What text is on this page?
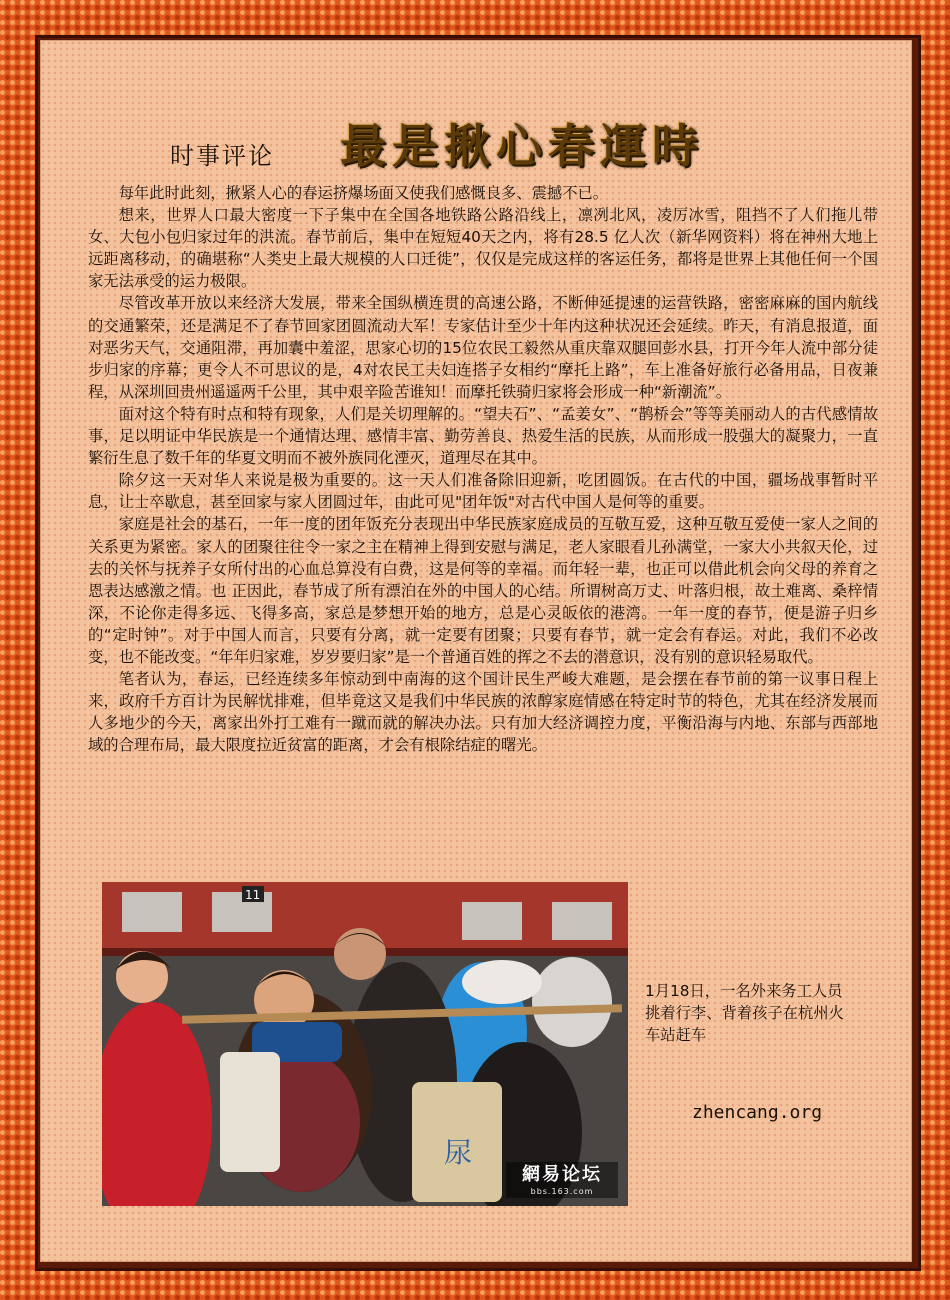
时事评论 最是揪心春運時

每年此时此刻，揪紧人心的春运挤爆场面又使我们感慨良多、震撼不已。

想来，世界人口最大密度一下子集中在全国各地铁路公路沿线上，凛冽北风，凌厉冰雪，阻挡不了人们拖儿带女、大包小包归家过年的洪流。春节前后，集中在短短40天之内，将有28.5 亿人次（新华网资料）将在神州大地上远距离移动，的确堪称“人类史上最大规模的人口迁徙”，仅仅是完成这样的客运任务，都将是世界上其他任何一个国家无法承受的运力极限。

尽管改革开放以来经济大发展，带来全国纵横连贯的高速公路，不断伸延提速的运营铁路，密密麻麻的国内航线的交通繁荣，还是满足不了春节回家团圆流动大军！专家估计至少十年内这种状况还会延续。昨天，有消息报道，面对恶劣天气，交通阻滞，再加囊中羞涩，思家心切的15位农民工毅然从重庆靠双腿回彭水县，打开今年人流中部分徒步归家的序幕；更令人不可思议的是，4对农民工夫妇连搭子女相约“摩托上路”，车上准备好旅行必备用品，日夜兼程，从深圳回贵州遥遥两千公里，其中艰辛险苦谁知！而摩托铁骑归家将会形成一种“新潮流”。

面对这个特有时点和特有现象，人们是关切理解的。“望夫石”、“孟姜女”、“鹊桥会”等等美丽动人的古代感情故事，足以明证中华民族是一个通情达理、感情丰富、勤劳善良、热爱生活的民族，从而形成一股强大的凝聚力，一直繁衍生息了数千年的华夏文明而不被外族同化湮灭，道理尽在其中。

除夕这一天对华人来说是极为重要的。这一天人们准备除旧迎新，吃团圆饭。在古代的中国，疆场战事暂时平息，让士卒歇息，甚至回家与家人团圆过年，由此可见"团年饭"对古代中国人是何等的重要。

家庭是社会的基石，一年一度的团年饭充分表现出中华民族家庭成员的互敬互爱，这种互敬互爱使一家人之间的关系更为紧密。家人的团聚往往令一家之主在精神上得到安慰与满足，老人家眼看儿孙满堂，一家大小共叙天伦，过去的关怀与抚养子女所付出的心血总算没有白费，这是何等的幸福。而年轻一辈，也正可以借此机会向父母的养育之恩表达感激之情。也 正因此，春节成了所有漂泊在外的中国人的心结。所谓树高万丈、叶落归根，故土难离、桑梓情深，不论你走得多远、飞得多高，家总是梦想开始的地方，总是心灵皈依的港湾。一年一度的春节，便是游子归乡的“定时钟”。对于中国人而言，只要有分离，就一定要有团聚；只要有春节，就一定会有春运。对此，我们不必改变，也不能改变。“年年归家难，岁岁要归家”是一个普通百姓的挥之不去的潜意识，没有别的意识轻易取代。

笔者认为，春运，已经连续多年惊动到中南海的这个国计民生严峻大难题，是会摆在春节前的第一议事日程上来，政府千方百计为民解忧排难，但毕竟这又是我们中华民族的浓醇家庭情感在特定时节的特色，尤其在经济发展而人多地少的今天，离家出外打工难有一蹴而就的解决办法。只有加大经济调控力度，平衡沿海与内地、东部与西部地域的合理布局，最大限度拉近贫富的距离，才会有根除结症的曙光。

11
尿
網易论坛
bbs.163.com
1月18日，一名外来务工人员挑着行李、背着孩子在杭州火车站赶车
zhencang.org
